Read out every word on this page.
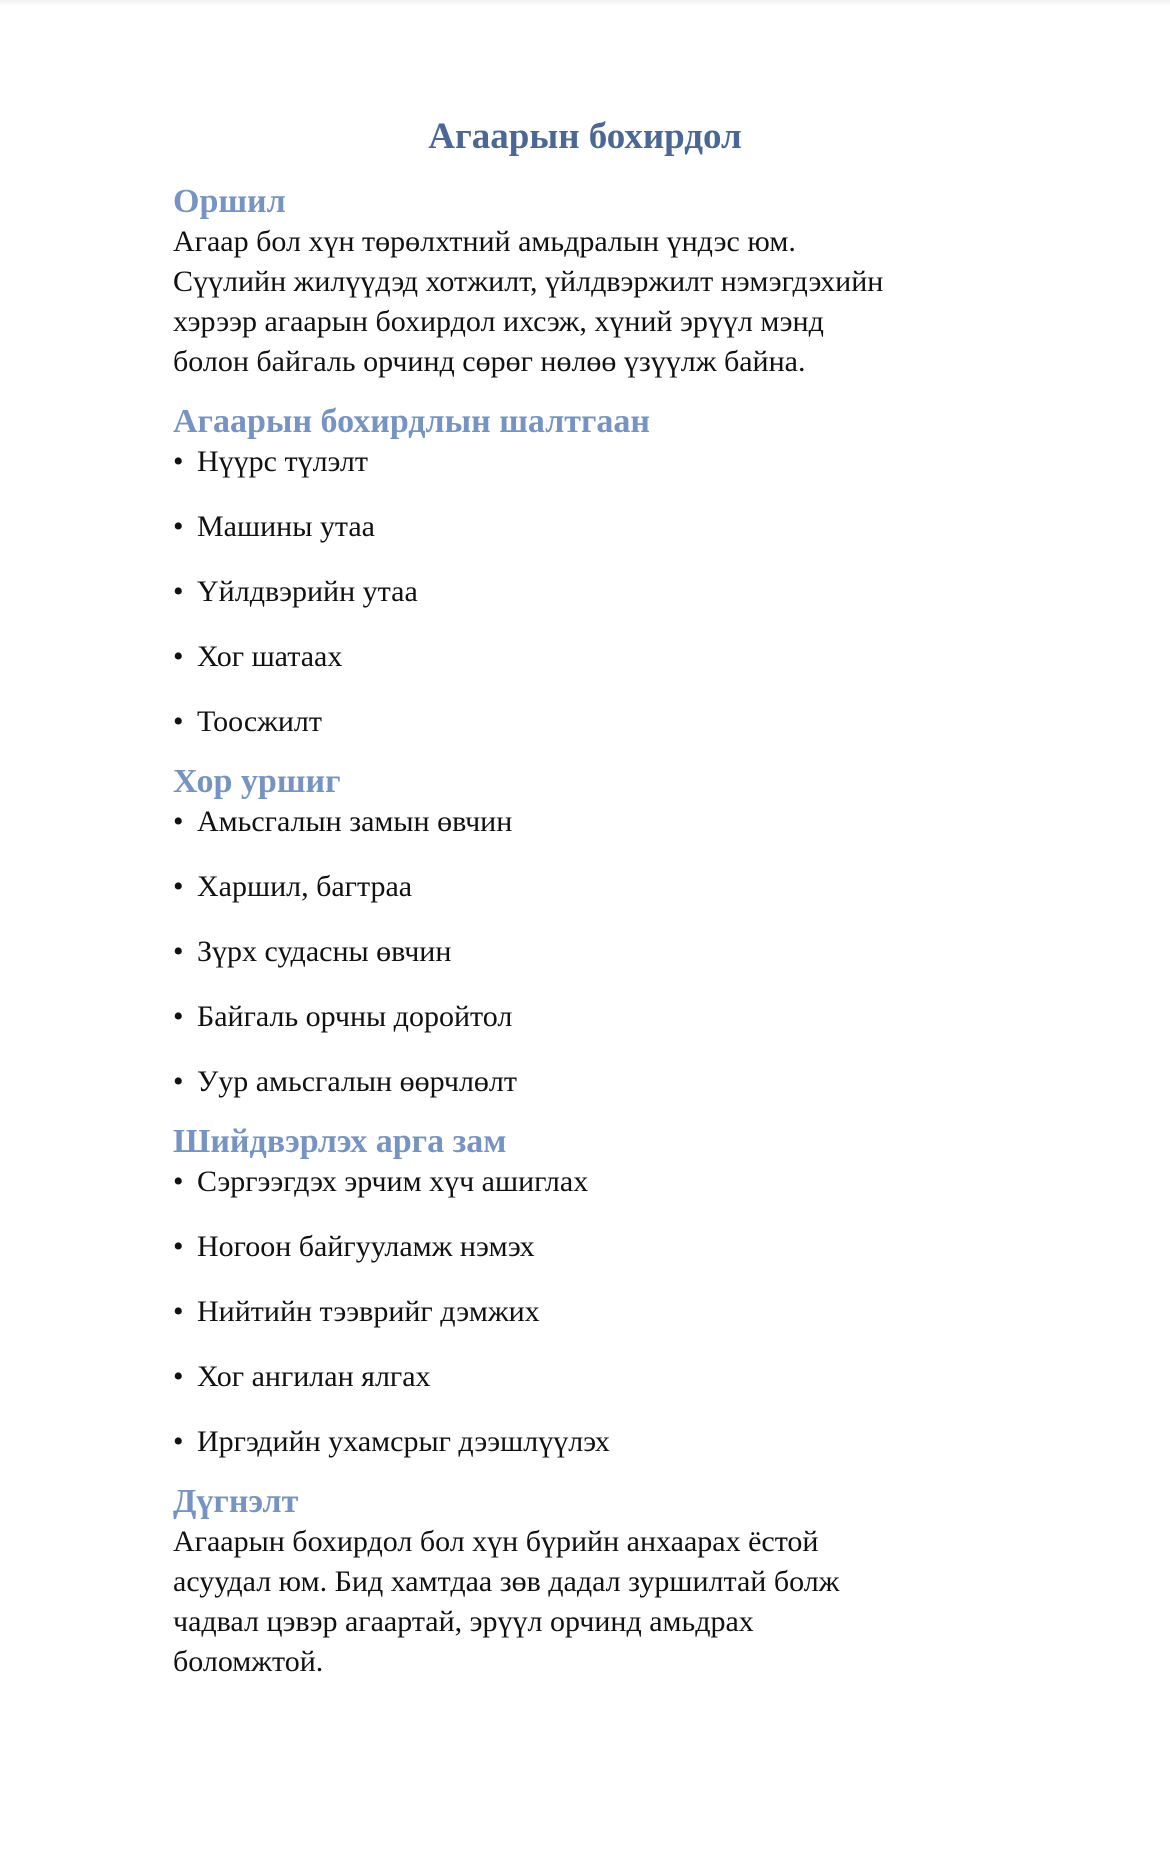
Агаарын бохирдол
Оршил

Агаар бол хүн төрөлхтний амьдралын үндэс юм.
Сүүлийн жилүүдэд хотжилт, үйлдвэржилт нэмэгдэхийн
хэрээр агаарын бохирдол ихсэж, хүний эрүүл мэнд
болон байгаль орчинд сөрөг нөлөө үзүүлж байна.

Агаарын бохирдлын шалтгаан
• Нүүрс түлэлт
• Машины утаа
• Үйлдвэрийн утаа
• Хог шатаах
• Тоосжилт
Хор уршиг
• Амьсгалын замын өвчин
• Харшил, багтраа
• Зүрх судасны өвчин
• Байгаль орчны доройтол
• Уур амьсгалын өөрчлөлт
Шийдвэрлэх арга зам
• Сэргээгдэх эрчим хүч ашиглах
• Ногоон байгууламж нэмэх
• Нийтийн тээврийг дэмжих
• Хог ангилан ялгах
• Иргэдийн ухамсрыг дээшлүүлэх
Дүгнэлт

Агаарын бохирдол бол хүн бүрийн анхаарах ёстой
асуудал юм. Бид хамтдаа зөв дадал зуршилтай болж
чадвал цэвэр агаартай, эрүүл орчинд амьдрах
боломжтой.
